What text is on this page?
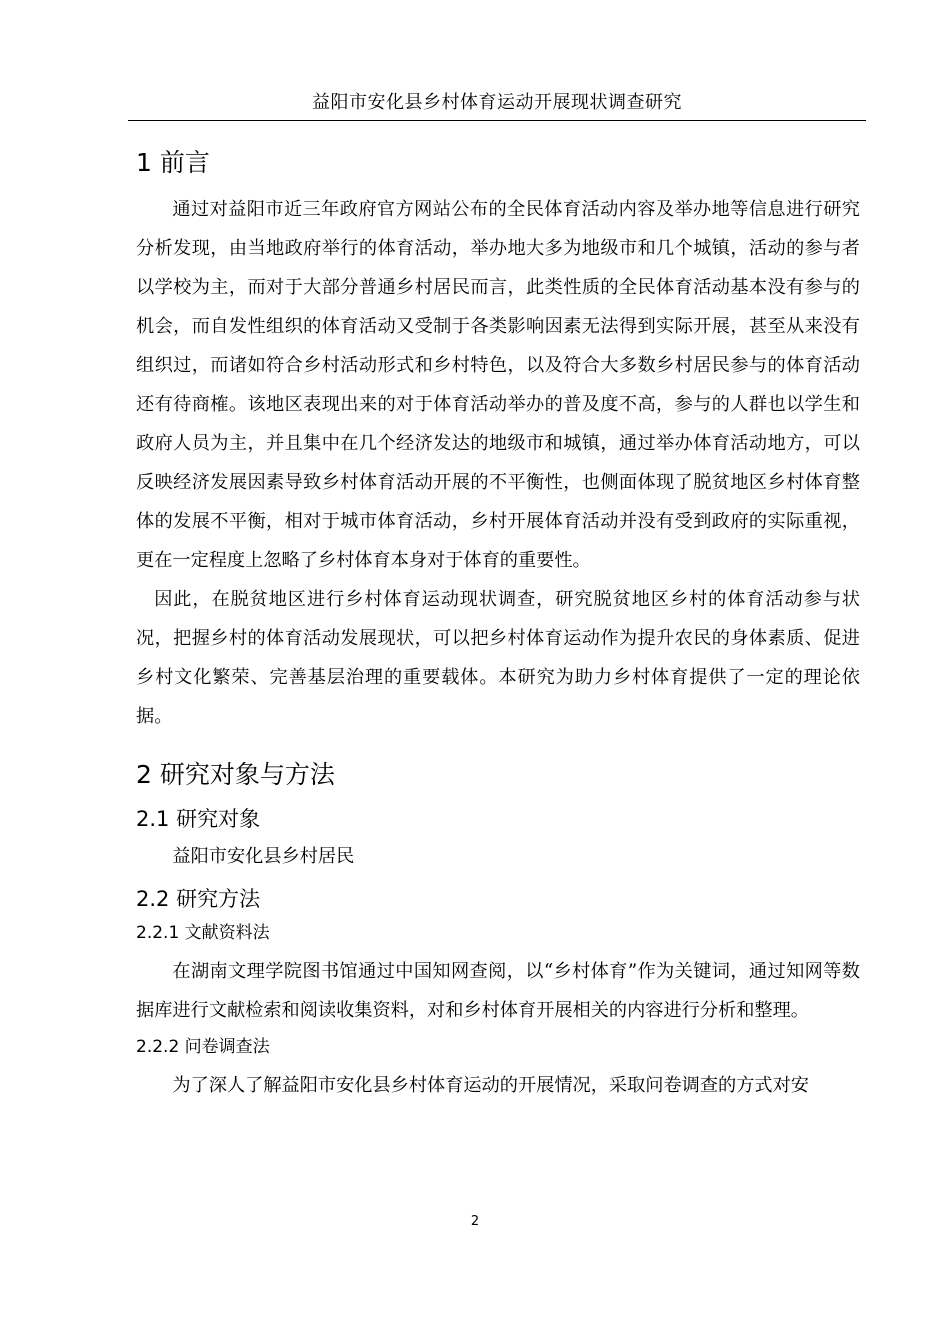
益阳市安化县乡村体育运动开展现状调查研究
1 前言

通过对益阳市近三年政府官方网站公布的全民体育活动内容及举办地等信息进行研究分析发现，由当地政府举行的体育活动，举办地大多为地级市和几个城镇，活动的参与者以学校为主，而对于大部分普通乡村居民而言，此类性质的全民体育活动基本没有参与的机会，而自发性组织的体育活动又受制于各类影响因素无法得到实际开展，甚至从来没有组织过，而诸如符合乡村活动形式和乡村特色，以及符合大多数乡村居民参与的体育活动还有待商榷。该地区表现出来的对于体育活动举办的普及度不高，参与的人群也以学生和政府人员为主，并且集中在几个经济发达的地级市和城镇，通过举办体育活动地方，可以反映经济发展因素导致乡村体育活动开展的不平衡性，也侧面体现了脱贫地区乡村体育整体的发展不平衡，相对于城市体育活动，乡村开展体育活动并没有受到政府的实际重视，更在一定程度上忽略了乡村体育本身对于体育的重要性。

因此，在脱贫地区进行乡村体育运动现状调查，研究脱贫地区乡村的体育活动参与状况，把握乡村的体育活动发展现状，可以把乡村体育运动作为提升农民的身体素质、促进乡村文化繁荣、完善基层治理的重要载体。本研究为助力乡村体育提供了一定的理论依据。

2 研究对象与方法
2.1 研究对象

益阳市安化县乡村居民

2.2 研究方法
2.2.1 文献资料法

在湖南文理学院图书馆通过中国知网查阅，以“乡村体育”作为关键词，通过知网等数据库进行文献检索和阅读收集资料，对和乡村体育开展相关的内容进行分析和整理。

2.2.2 问卷调查法

为了深人了解益阳市安化县乡村体育运动的开展情况，采取问卷调查的方式对安

2
